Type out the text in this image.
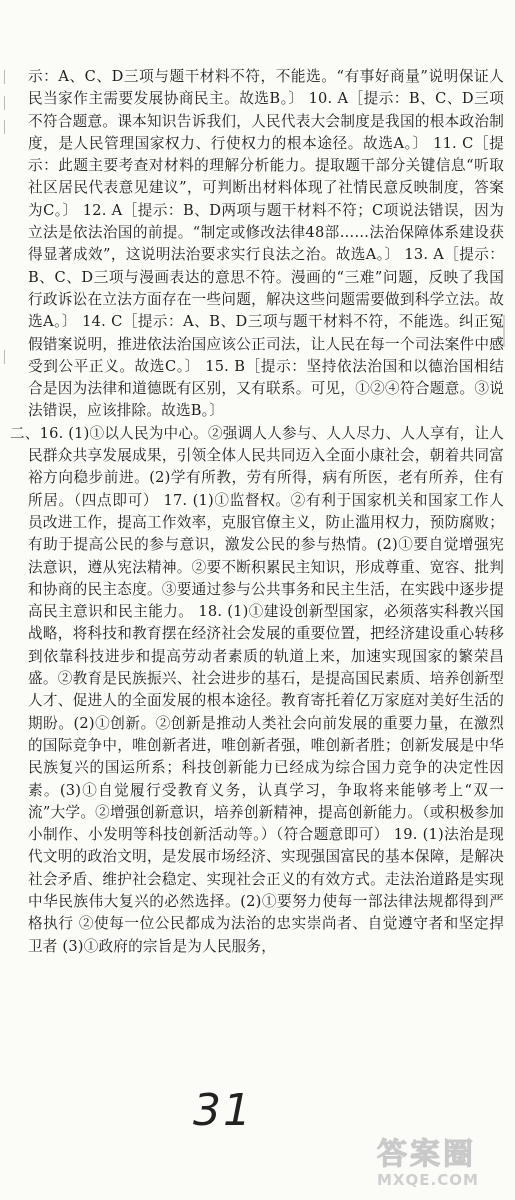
示：A、C、D三项与题干材料不符，不能选。“有事好商量”说明保证人民当家作主需要发展协商民主。故选B。〕 10. A［提示：B、C、D三项不符合题意。课本知识告诉我们，人民代表大会制度是我国的根本政治制度，是人民管理国家权力、行使权力的根本途径。故选A。〕 11. C［提示：此题主要考查对材料的理解分析能力。提取题干部分关键信息“听取社区居民代表意见建议”，可判断出材料体现了社情民意反映制度，答案为C。〕 12. A［提示：B、D两项与题干材料不符；C项说法错误，因为立法是依法治国的前提。“制定或修改法律48部……法治保障体系建设获得显著成效”，这说明法治要求实行良法之治。故选A。〕 13. A［提示：B、C、D三项与漫画表达的意思不符。漫画的“三难”问题，反映了我国行政诉讼在立法方面存在一些问题，解决这些问题需要做到科学立法。故选A。〕 14. C［提示：A、B、D三项与题干材料不符，不能选。纠正冤假错案说明，推进依法治国应该公正司法，让人民在每一个司法案件中感受到公平正义。故选C。〕 15. B［提示：坚持依法治国和以德治国相结合是因为法律和道德既有区别，又有联系。可见，①②④符合题意。③说法错误，应该排除。故选B。〕

二、16. (1)①以人民为中心。②强调人人参与、人人尽力、人人享有，让人民群众共享发展成果，引领全体人民共同迈入全面小康社会，朝着共同富裕方向稳步前进。(2)学有所教，劳有所得，病有所医，老有所养，住有所居。（四点即可） 17. (1)①监督权。②有利于国家机关和国家工作人员改进工作，提高工作效率，克服官僚主义，防止滥用权力，预防腐败；有助于提高公民的参与意识，激发公民的参与热情。(2)①要自觉增强宪法意识，遵从宪法精神。②要不断积累民主知识，形成尊重、宽容、批判和协商的民主态度。③要通过参与公共事务和民主生活，在实践中逐步提高民主意识和民主能力。 18. (1)①建设创新型国家，必须落实科教兴国战略，将科技和教育摆在经济社会发展的重要位置，把经济建设重心转移到依靠科技进步和提高劳动者素质的轨道上来，加速实现国家的繁荣昌盛。②教育是民族振兴、社会进步的基石，是提高国民素质、培养创新型人才、促进人的全面发展的根本途径。教育寄托着亿万家庭对美好生活的期盼。(2)①创新。②创新是推动人类社会向前发展的重要力量，在激烈的国际竞争中，唯创新者进，唯创新者强，唯创新者胜；创新发展是中华民族复兴的国运所系；科技创新能力已经成为综合国力竞争的决定性因素。(3)①自觉履行受教育义务，认真学习，争取将来能够考上“双一流”大学。②增强创新意识，培养创新精神，提高创新能力。（或积极参加小制作、小发明等科技创新活动等。）（符合题意即可） 19. (1)法治是现代文明的政治文明，是发展市场经济、实现强国富民的基本保障，是解决社会矛盾、维护社会稳定、实现社会正义的有效方式。走法治道路是实现中华民族伟大复兴的必然选择。(2)①要努力使每一部法律法规都得到严格执行 ②使每一位公民都成为法治的忠实崇尚者、自觉遵守者和坚定捍卫者 (3)①政府的宗旨是为人民服务，

31
答案圈
MXQE.COM
